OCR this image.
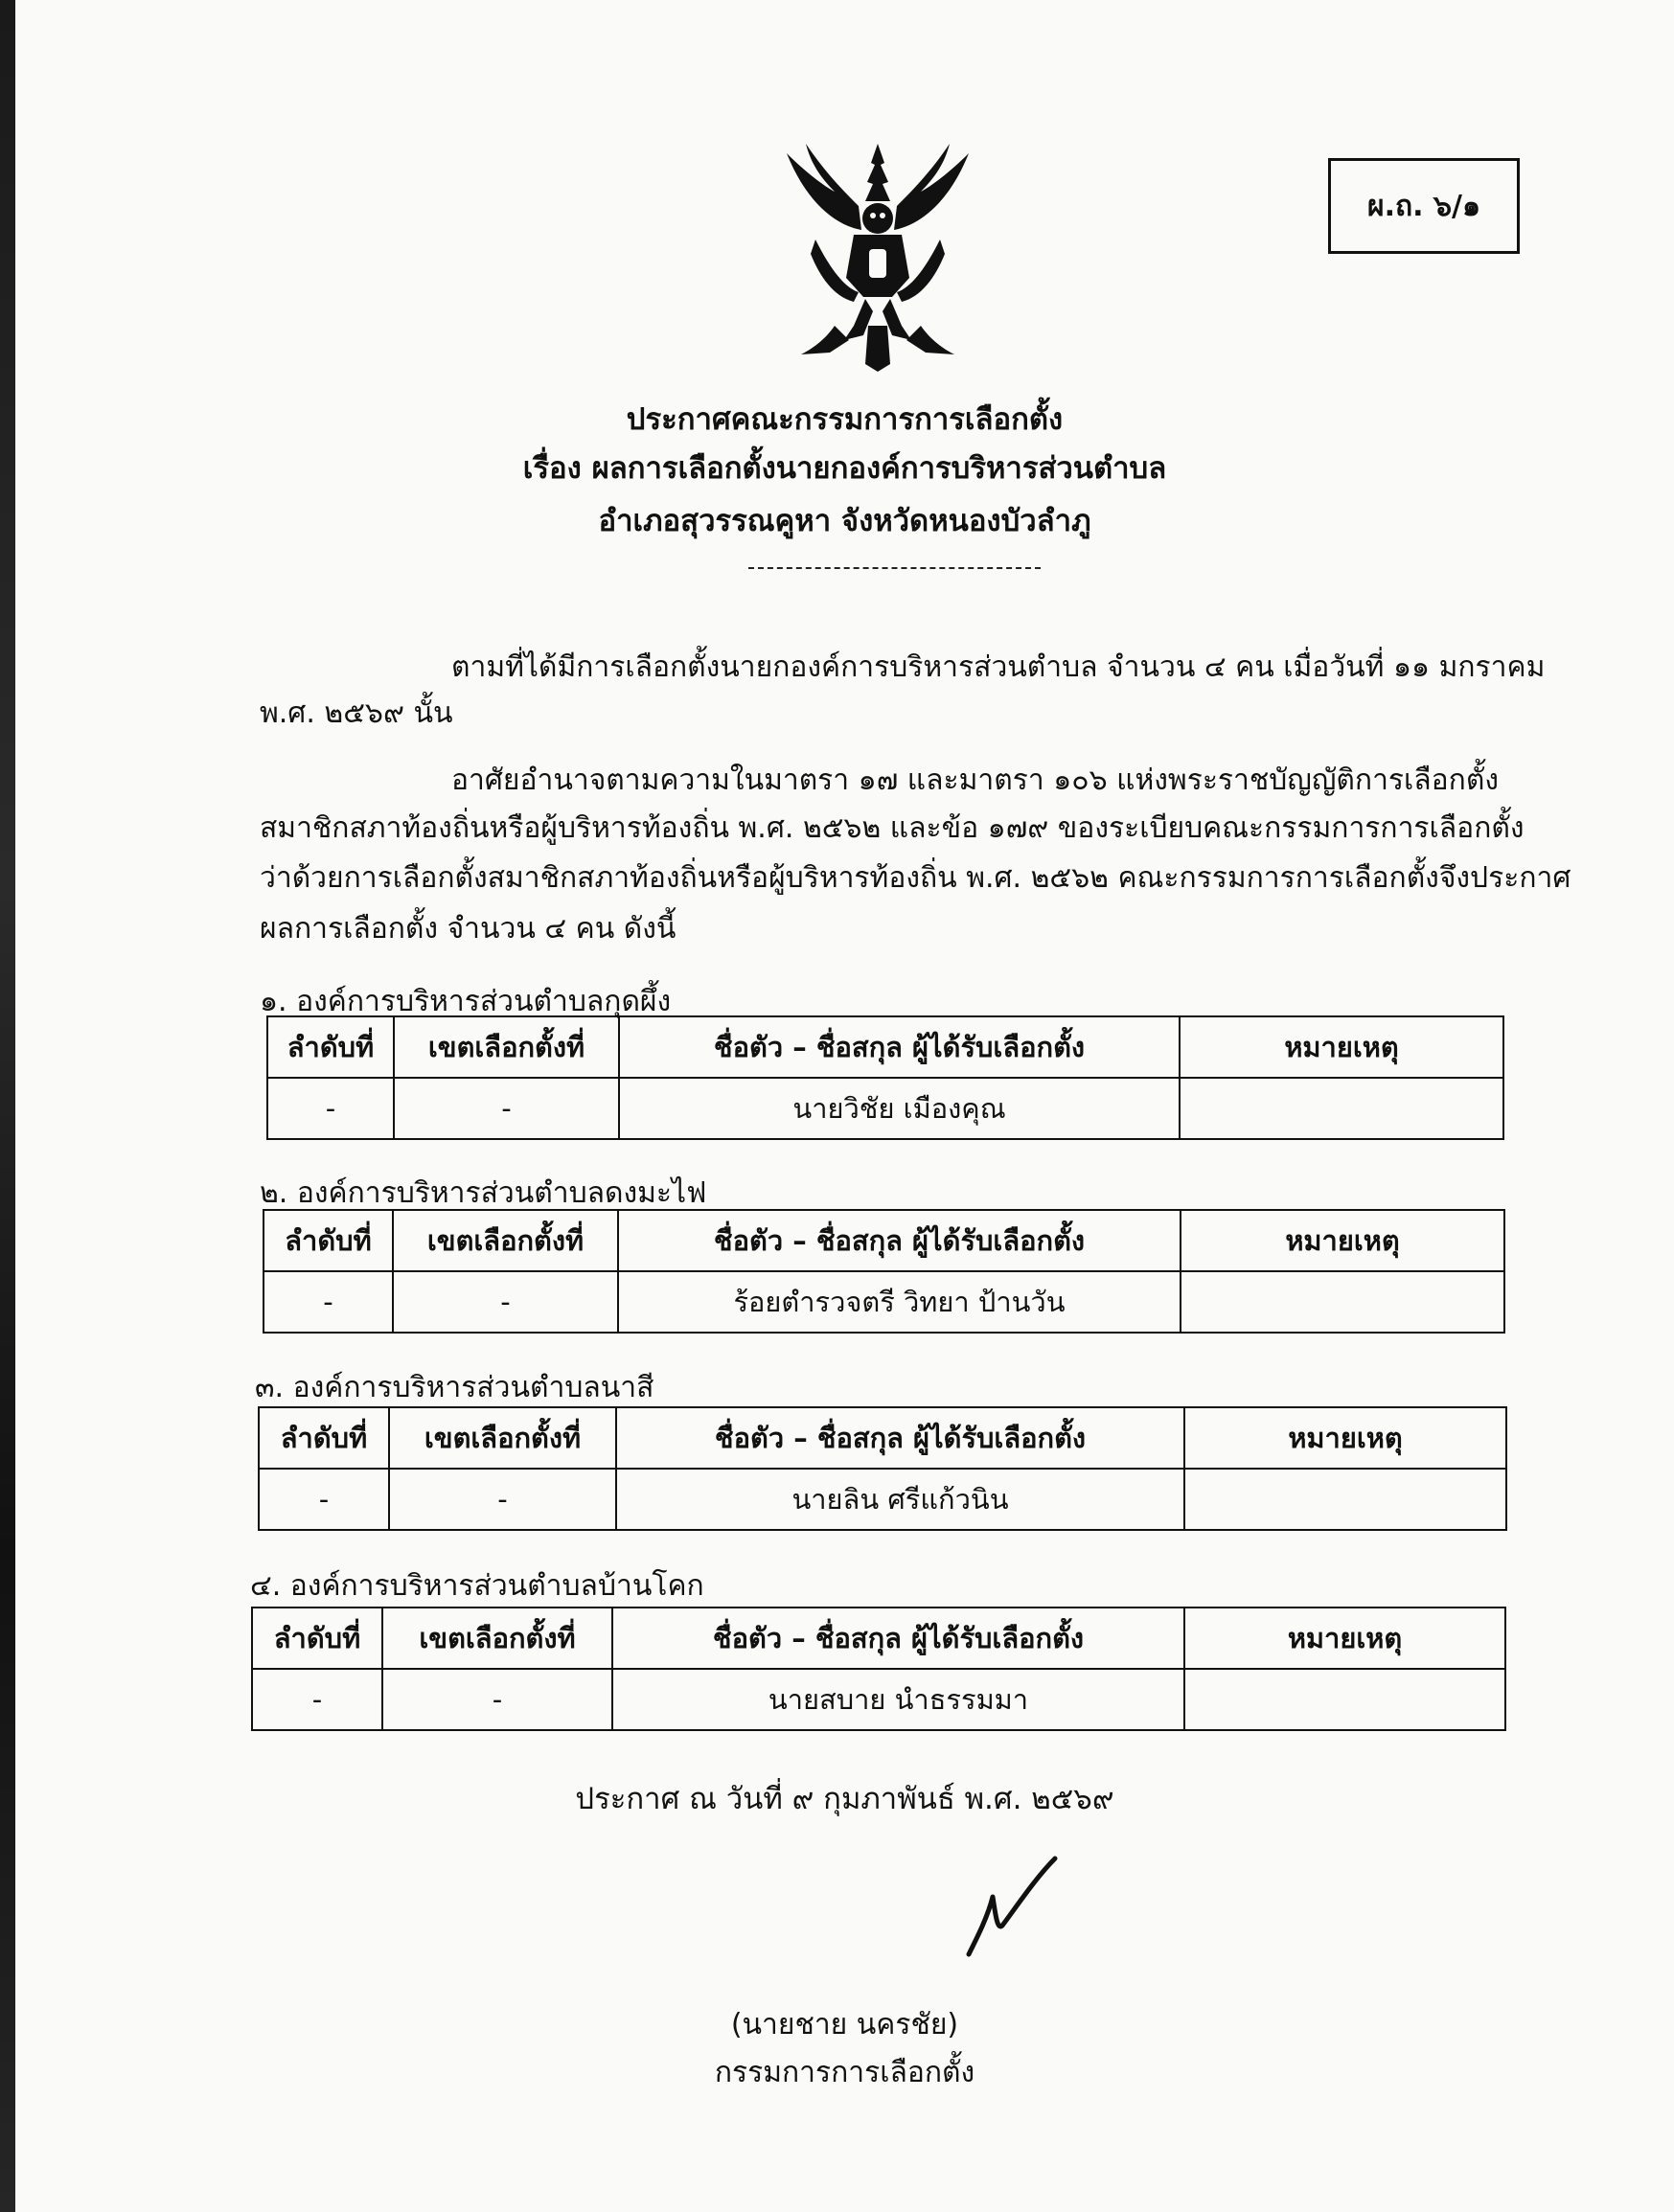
ผ.ถ. ๖/๑
ประกาศคณะกรรมการการเลือกตั้ง
เรื่อง ผลการเลือกตั้งนายกองค์การบริหารส่วนตำบล
อำเภอสุวรรณคูหา จังหวัดหนองบัวลำภู
ตามที่ได้มีการเลือกตั้งนายกองค์การบริหารส่วนตำบล จำนวน ๔ คน เมื่อวันที่ ๑๑ มกราคม
พ.ศ. ๒๕๖๙ นั้น
อาศัยอำนาจตามความในมาตรา ๑๗ และมาตรา ๑๐๖ แห่งพระราชบัญญัติการเลือกตั้ง
สมาชิกสภาท้องถิ่นหรือผู้บริหารท้องถิ่น พ.ศ. ๒๕๖๒ และข้อ ๑๗๙ ของระเบียบคณะกรรมการการเลือกตั้ง
ว่าด้วยการเลือกตั้งสมาชิกสภาท้องถิ่นหรือผู้บริหารท้องถิ่น พ.ศ. ๒๕๖๒ คณะกรรมการการเลือกตั้งจึงประกาศ
ผลการเลือกตั้ง จำนวน ๔ คน ดังนี้
๑. องค์การบริหารส่วนตำบลกุดผึ้ง
ลำดับที่	เขตเลือกตั้งที่	ชื่อตัว – ชื่อสกุล ผู้ได้รับเลือกตั้ง	หมายเหตุ
-	-	นายวิชัย เมืองคุณ	
๒. องค์การบริหารส่วนตำบลดงมะไฟ
ลำดับที่	เขตเลือกตั้งที่	ชื่อตัว – ชื่อสกุล ผู้ได้รับเลือกตั้ง	หมายเหตุ
-	-	ร้อยตำรวจตรี วิทยา ป้านวัน	
๓. องค์การบริหารส่วนตำบลนาสี
ลำดับที่	เขตเลือกตั้งที่	ชื่อตัว – ชื่อสกุล ผู้ได้รับเลือกตั้ง	หมายเหตุ
-	-	นายลิน ศรีแก้วนิน	
๔. องค์การบริหารส่วนตำบลบ้านโคก
ลำดับที่	เขตเลือกตั้งที่	ชื่อตัว – ชื่อสกุล ผู้ได้รับเลือกตั้ง	หมายเหตุ
-	-	นายสบาย นำธรรมมา	
ประกาศ ณ วันที่ ๙ กุมภาพันธ์ พ.ศ. ๒๕๖๙
(นายชาย นครชัย)
กรรมการการเลือกตั้ง
